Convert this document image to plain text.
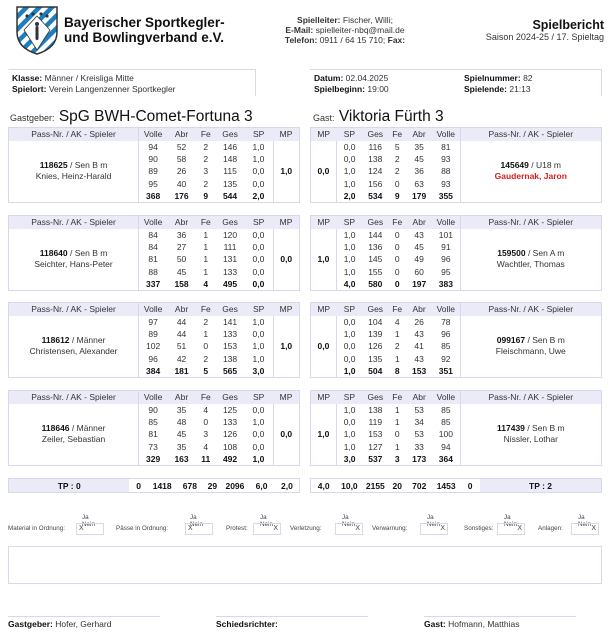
Bayerischer Sportkegler-
und Bowlingverband e.V.
Spielleiter: Fischer, Willi;
E-Mail: spielleiter-nbq@mail.de
Telefon: 0911 / 64 15 710; Fax:
Spielbericht
Saison 2024-25 / 17. Spieltag
Klasse: Männer / Kreisliga Mitte
Spielort: Verein Langenzenner Sportkegler
Datum: 02.04.2025
Spielbeginn: 19:00
Spielnummer: 82
Spielende: 21:13
Gastgeber: SpG BWH-Comet-Fortuna 3	Gast: Viktoria Fürth 3
Pass-Nr. / AK - Spieler	Volle	Abr	Fe	Ges	SP	MP
118625 / Sen B m
Knies, Heinz-Harald	94	52	2	146	1,0	1,0
	90	58	2	148	1,0	
	89	26	3	115	0,0	
	95	40	2	135	0,0	
	368	176	9	544	2,0	
Pass-Nr. / AK - Spieler	Volle	Abr	Fe	Ges	SP	MP
118640 / Sen B m
Seichter, Hans-Peter	84	36	1	120	0,0	0,0
	84	27	1	111	0,0	
	81	50	1	131	0,0	
	88	45	1	133	0,0	
	337	158	4	495	0,0	
Pass-Nr. / AK - Spieler	Volle	Abr	Fe	Ges	SP	MP
118612 / Männer
Christensen, Alexander	97	44	2	141	1,0	1,0
	89	44	1	133	0,0	
	102	51	0	153	1,0	
	96	42	2	138	1,0	
	384	181	5	565	3,0	
Pass-Nr. / AK - Spieler	Volle	Abr	Fe	Ges	SP	MP
118646 / Männer
Zeiler, Sebastian	90	35	4	125	0,0	0,0
	85	48	0	133	1,0	
	81	45	3	126	0,0	
	73	35	4	108	0,0	
	329	163	11	492	1,0	
MP	SP	Ges	Fe	Abr	Volle	Pass-Nr. / AK - Spieler
0,0	0,0	116	5	35	81	145649 / U18 m
Gaudernak, Jaron
	0,0	138	2	45	93	
	1,0	124	2	36	88	
	1,0	156	0	63	93	
	2,0	534	9	179	355	
MP	SP	Ges	Fe	Abr	Volle	Pass-Nr. / AK - Spieler
1,0	1,0	144	0	43	101	159500 / Sen A m
Wachtler, Thomas
	1,0	136	0	45	91	
	1,0	145	0	49	96	
	1,0	155	0	60	95	
	4,0	580	0	197	383	
MP	SP	Ges	Fe	Abr	Volle	Pass-Nr. / AK - Spieler
0,0	0,0	104	4	26	78	099167 / Sen B m
Fleischmann, Uwe
	1,0	139	1	43	96	
	0,0	126	2	41	85	
	0,0	135	1	43	92	
	1,0	504	8	153	351	
MP	SP	Ges	Fe	Abr	Volle	Pass-Nr. / AK - Spieler
1,0	1,0	138	1	53	85	117439 / Sen B m
Nissler, Lothar
	0,0	119	1	34	85	
	1,0	153	0	53	100	
	1,0	127	1	33	94	
	3,0	537	3	173	364	
TP : 0	0	1418	678	29	2096	6,0	2,0	4,0	10,0	2155	20	702	1453	0	TP : 2
Material in Ordnung:
Ja Nein
X	Pässe in Ordnung:
Ja Nein
X	Protest:
Ja Nein
X	Verletzung:
Ja Nein
X	Verwarnung:
Ja Nein
X	Sonstiges:
Ja Nein
X	Anlagen:
Ja Nein
X
Gastgeber: Hofer, Gerhard	Schiedsrichter:	Gast: Hofmann, Matthias
